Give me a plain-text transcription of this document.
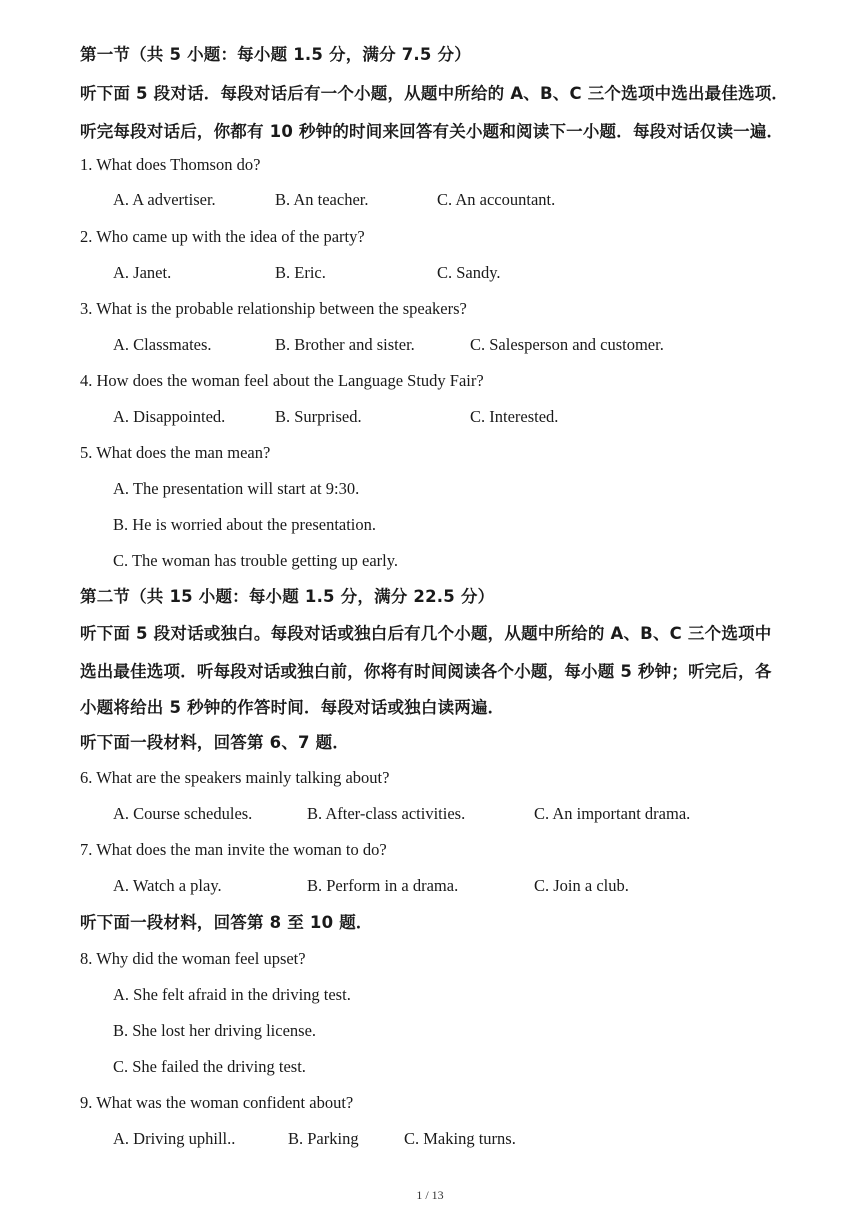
第一节（共 5 小题：每小题 1.5 分，满分 7.5 分）
听下面 5 段对话．每段对话后有一个小题，从题中所给的 A、B、C 三个选项中选出最佳选项．
听完每段对话后，你都有 10 秒钟的时间来回答有关小题和阅读下一小题．每段对话仅读一遍．
1. What does Thomson do?
A. A advertiser.	B. An teacher.	C. An accountant.
2. Who came up with the idea of the party?
A. Janet.	B. Eric.	C. Sandy.
3. What is the probable relationship between the speakers?
A. Classmates.	B. Brother and sister.	C. Salesperson and customer.
4. How does the woman feel about the Language Study Fair?
A. Disappointed.	B. Surprised.	C. Interested.
5. What does the man mean?
A. The presentation will start at 9:30.
B. He is worried about the presentation.
C. The woman has trouble getting up early.
第二节（共 15 小题：每小题 1.5 分，满分 22.5 分）
听下面 5 段对话或独白。每段对话或独白后有几个小题，从题中所给的 A、B、C 三个选项中
选出最佳选项．听每段对话或独白前，你将有时间阅读各个小题，每小题 5 秒钟；听完后，各
小题将给出 5 秒钟的作答时间．每段对话或独白读两遍．
听下面一段材料，回答第 6、7 题．
6. What are the speakers mainly talking about?
A. Course schedules.	B. After-class activities.	C. An important drama.
7. What does the man invite the woman to do?
A. Watch a play.	B. Perform in a drama.	C. Join a club.
听下面一段材料，回答第 8 至 10 题．
8. Why did the woman feel upset?
A. She felt afraid in the driving test.
B. She lost her driving license.
C. She failed the driving test.
9. What was the woman confident about?
A. Driving uphill..	B. Parking	C. Making turns.
1 / 13
